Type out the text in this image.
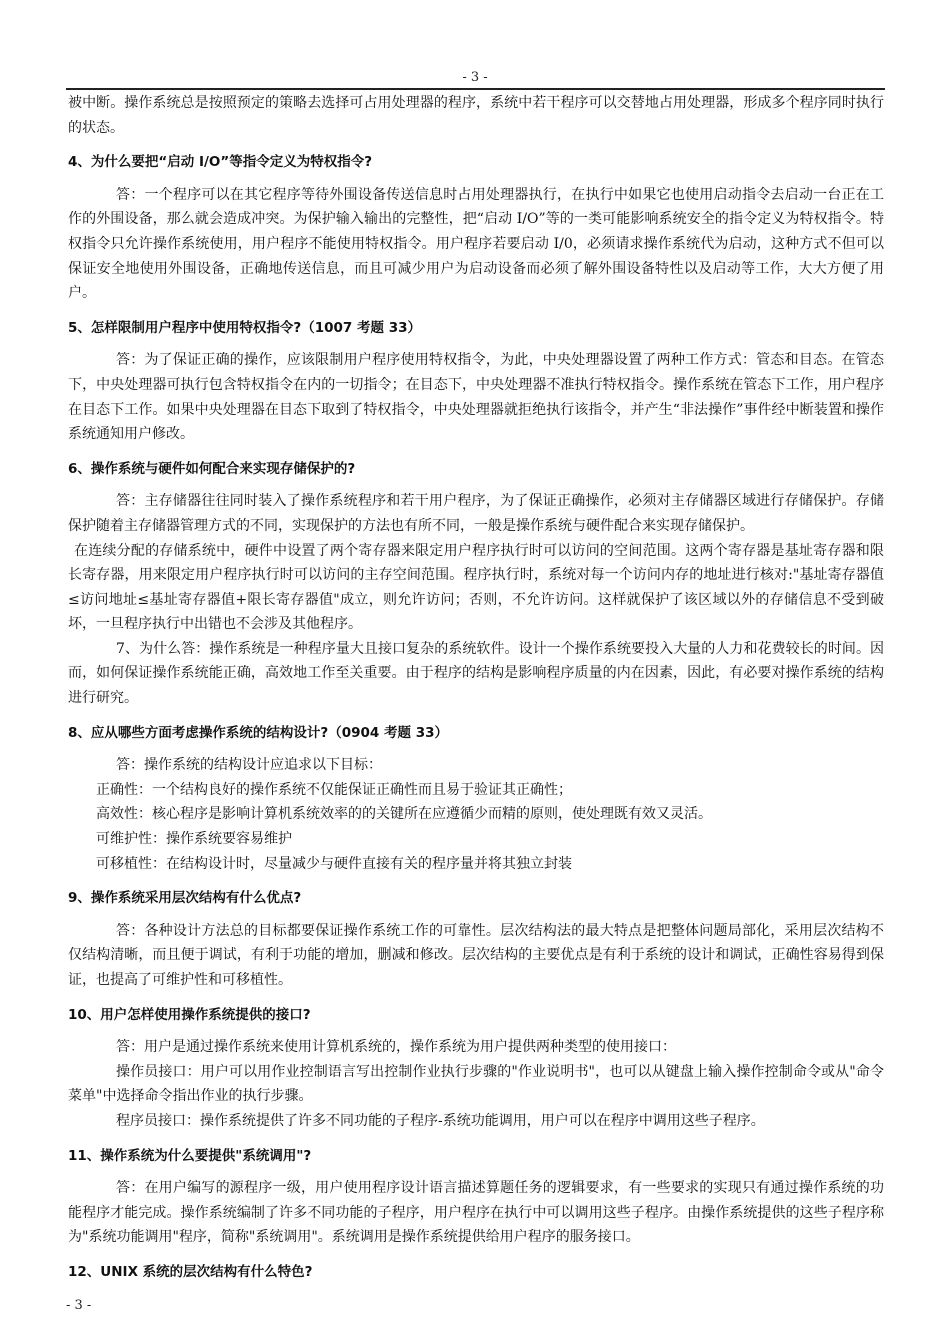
- 3 -

被中断。操作系统总是按照预定的策略去选择可占用处理器的程序，系统中若干程序可以交替地占用处理器，形成多个程序同时执行的状态。

4、为什么要把“启动 I/O”等指令定义为特权指令?

答：一个程序可以在其它程序等待外围设备传送信息时占用处理器执行，在执行中如果它也使用启动指令去启动一台正在工作的外围设备，那么就会造成冲突。为保护输入输出的完整性，把“启动 I/O”等的一类可能影响系统安全的指令定义为特权指令。特权指令只允许操作系统使用，用户程序不能使用特权指令。用户程序若要启动 I/0，必须请求操作系统代为启动，这种方式不但可以保证安全地使用外围设备，正确地传送信息，而且可减少用户为启动设备而必须了解外围设备特性以及启动等工作，大大方便了用户。

5、怎样限制用户程序中使用特权指令?（1007 考题 33）

答：为了保证正确的操作，应该限制用户程序使用特权指令，为此，中央处理器设置了两种工作方式：管态和目态。在管态下，中央处理器可执行包含特权指令在内的一切指令；在目态下，中央处理器不准执行特权指令。操作系统在管态下工作，用户程序在目态下工作。如果中央处理器在目态下取到了特权指令，中央处理器就拒绝执行该指令，并产生“非法操作”事件经中断装置和操作系统通知用户修改。

6、操作系统与硬件如何配合来实现存储保护的?

答：主存储器往往同时装入了操作系统程序和若干用户程序，为了保证正确操作，必须对主存储器区域进行存储保护。存储保护随着主存储器管理方式的不同，实现保护的方法也有所不同，一般是操作系统与硬件配合来实现存储保护。

在连续分配的存储系统中，硬件中设置了两个寄存器来限定用户程序执行时可以访问的空间范围。这两个寄存器是基址寄存器和限长寄存器，用来限定用户程序执行时可以访问的主存空间范围。程序执行时，系统对每一个访问内存的地址进行核对:"基址寄存器值≤访问地址≤基址寄存器值+限长寄存器值"成立，则允许访问；否则，不允许访问。这样就保护了该区域以外的存储信息不受到破坏，一旦程序执行中出错也不会涉及其他程序。

7、为什么答：操作系统是一种程序量大且接口复杂的系统软件。设计一个操作系统要投入大量的人力和花费较长的时间。因而，如何保证操作系统能正确，高效地工作至关重要。由于程序的结构是影响程序质量的内在因素，因此，有必要对操作系统的结构进行研究。

8、应从哪些方面考虑操作系统的结构设计?（0904 考题 33）

答：操作系统的结构设计应追求以下目标：

正确性：一个结构良好的操作系统不仅能保证正确性而且易于验证其正确性；

高效性：核心程序是影响计算机系统效率的的关键所在应遵循少而精的原则，使处理既有效又灵活。

可维护性：操作系统要容易维护

可移植性：在结构设计时，尽量减少与硬件直接有关的程序量并将其独立封装

9、操作系统采用层次结构有什么优点?

答：各种设计方法总的目标都要保证操作系统工作的可靠性。层次结构法的最大特点是把整体问题局部化，采用层次结构不仅结构清晰，而且便于调试，有利于功能的增加，删减和修改。层次结构的主要优点是有利于系统的设计和调试，正确性容易得到保证，也提高了可维护性和可移植性。

10、用户怎样使用操作系统提供的接口?

答：用户是通过操作系统来使用计算机系统的，操作系统为用户提供两种类型的使用接口：

操作员接口：用户可以用作业控制语言写出控制作业执行步骤的"作业说明书"，也可以从键盘上输入操作控制命令或从"命令菜单"中选择命令指出作业的执行步骤。

程序员接口：操作系统提供了许多不同功能的子程序-系统功能调用，用户可以在程序中调用这些子程序。

11、操作系统为什么要提供"系统调用"?

答：在用户编写的源程序一级，用户使用程序设计语言描述算题任务的逻辑要求，有一些要求的实现只有通过操作系统的功能程序才能完成。操作系统编制了许多不同功能的子程序，用户程序在执行中可以调用这些子程序。由操作系统提供的这些子程序称为"系统功能调用"程序，简称"系统调用"。系统调用是操作系统提供给用户程序的服务接口。

12、UNIX 系统的层次结构有什么特色?

- 3 -
